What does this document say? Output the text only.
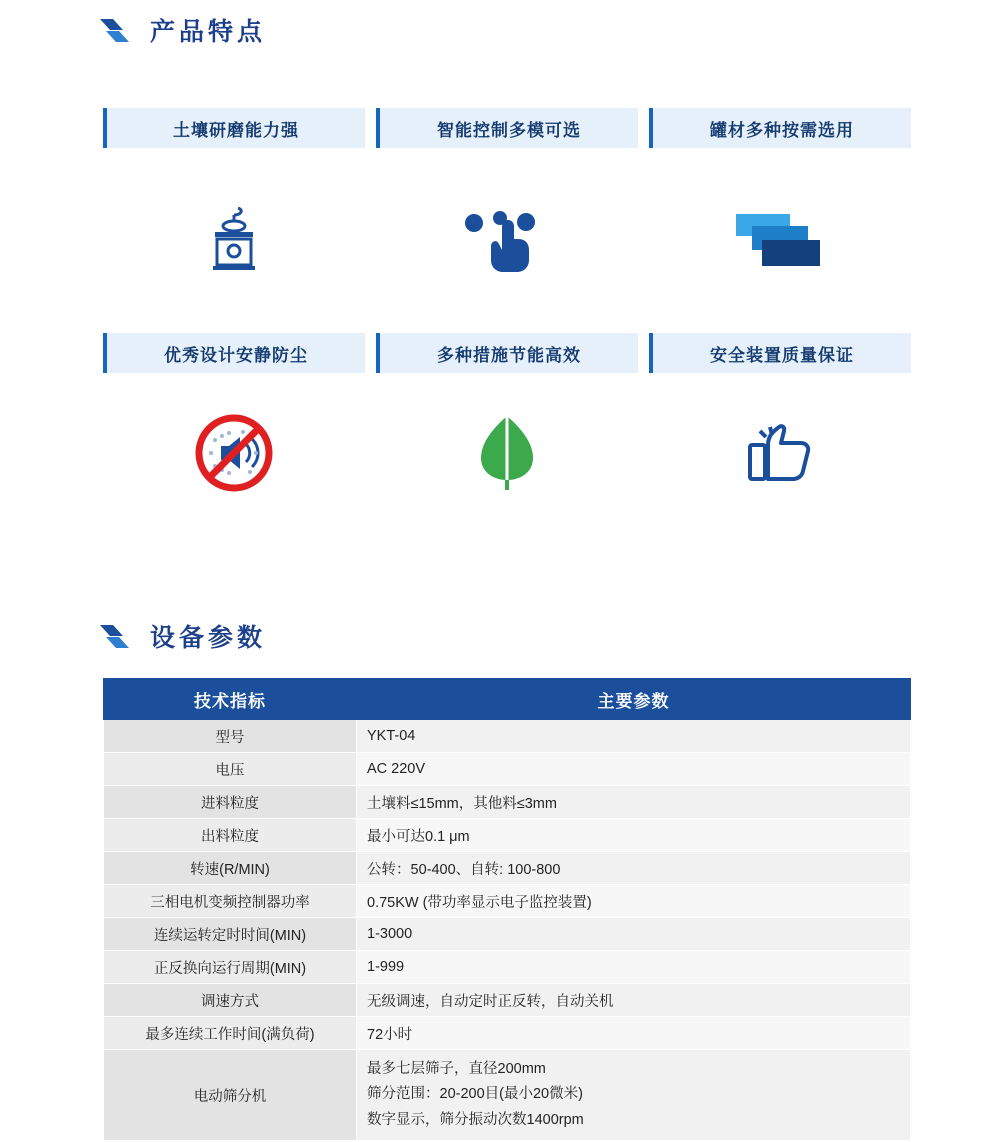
产品特点
土壤研磨能力强	智能控制多模可选	罐材多种按需选用
优秀设计安静防尘	多种措施节能高效	安全装置质量保证
设备参数
技术指标	主要参数
型号	YKT-04
电压	AC 220V
进料粒度	土壤料≤15mm，其他料≤3mm
出料粒度	最小可达0.1 μm
转速(R/MIN)	公转：50-400、自转: 100-800
三相电机变频控制器功率	0.75KW (带功率显示电子监控装置)
连续运转定时时间(MIN)	1-3000
正反换向运行周期(MIN)	1-999
调速方式	无级调速，自动定时正反转，自动关机
最多连续工作时间(满负荷)	72小时
电动筛分机	最多七层筛子，直径200mm
筛分范围：20-200目(最小20微米)
数字显示，筛分振动次数1400rpm
